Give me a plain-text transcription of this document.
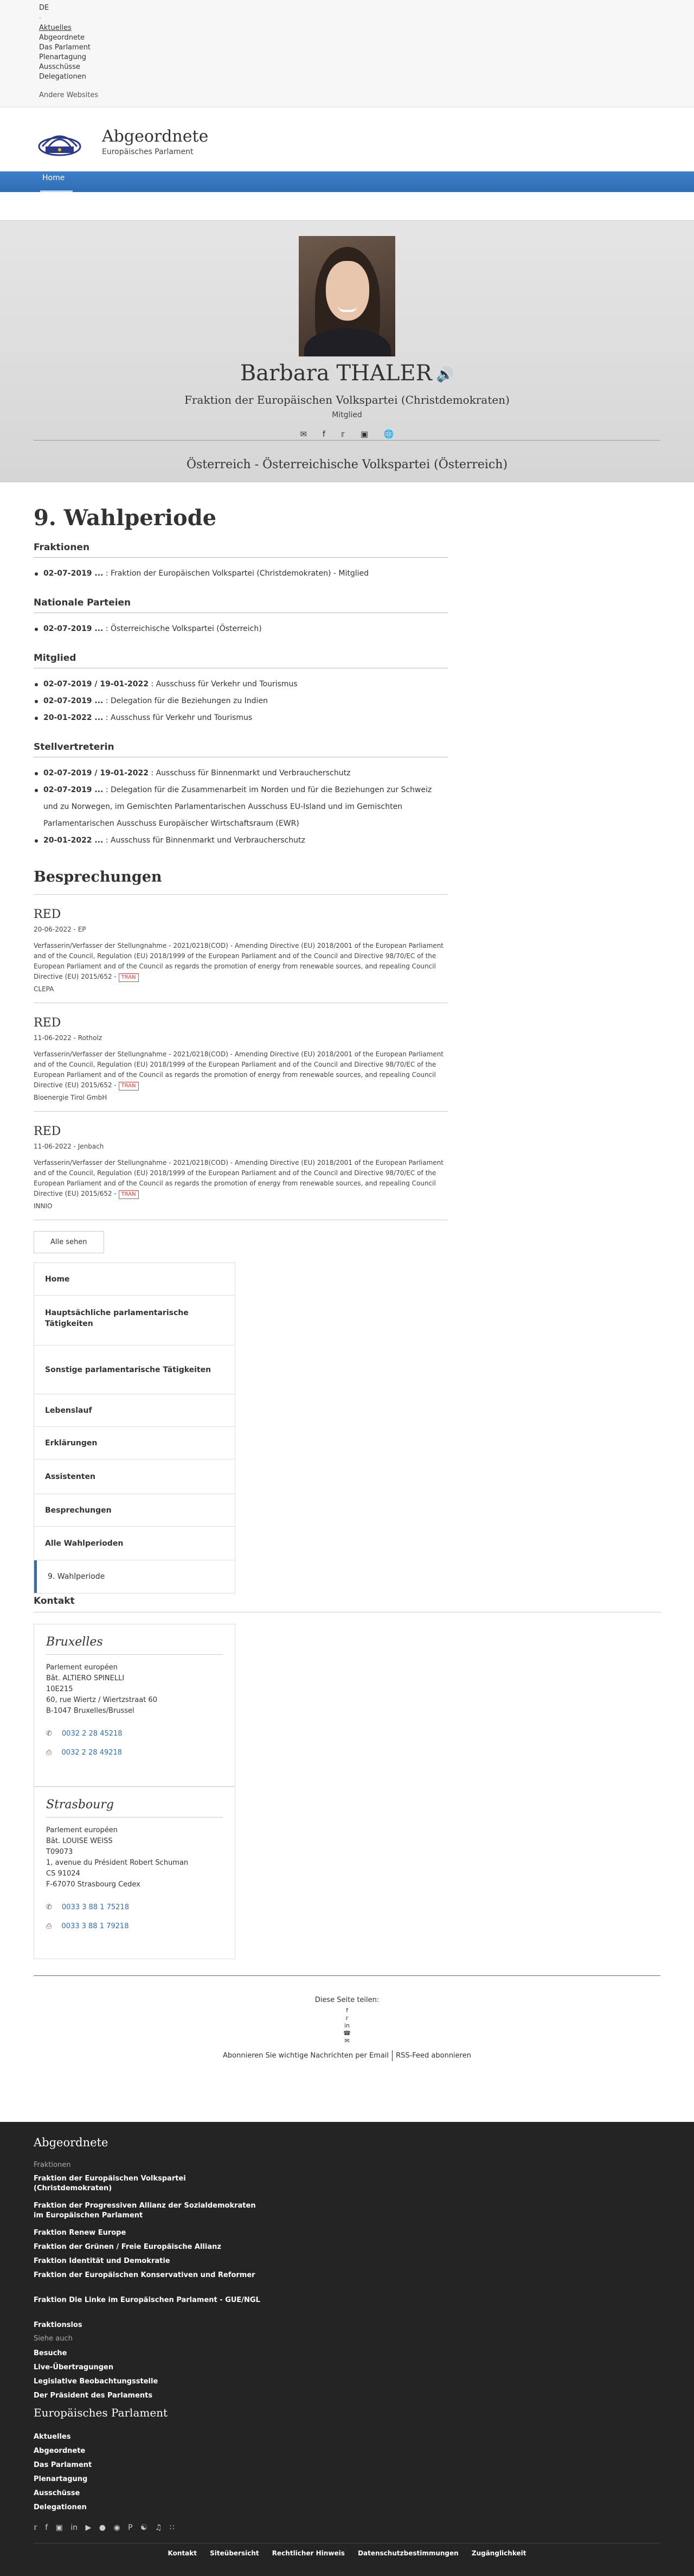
DE
-
Aktuelles
Abgeordnete
Das Parlament
Plenartagung
Ausschüsse
Delegationen
Andere Websites
Abgeordnete
Europäisches Parlament
Home
Barbara THALER 🔊
Fraktion der Europäischen Volkspartei (Christdemokraten)
Mitglied
✉ f 𝕣 ▣ 🌐
Österreich - Österreichische Volkspartei (Österreich)
9. Wahlperiode
Fraktionen
02-07-2019 ... : Fraktion der Europäischen Volkspartei (Christdemokraten) - Mitglied
Nationale Parteien
02-07-2019 ... : Österreichische Volkspartei (Österreich)
Mitglied
02-07-2019 / 19-01-2022 : Ausschuss für Verkehr und Tourismus
02-07-2019 ... : Delegation für die Beziehungen zu Indien
20-01-2022 ... : Ausschuss für Verkehr und Tourismus
Stellvertreterin
02-07-2019 / 19-01-2022 : Ausschuss für Binnenmarkt und Verbraucherschutz
02-07-2019 ... : Delegation für die Zusammenarbeit im Norden und für die Beziehungen zur Schweiz und zu Norwegen, im Gemischten Parlamentarischen Ausschuss EU-Island und im Gemischten Parlamentarischen Ausschuss Europäischer Wirtschaftsraum (EWR)
20-01-2022 ... : Ausschuss für Binnenmarkt und Verbraucherschutz
Besprechungen
RED
20-06-2022 - EP
Verfasserin/Verfasser der Stellungnahme - 2021/0218(COD) - Amending Directive (EU) 2018/2001 of the European Parliament and of the Council, Regulation (EU) 2018/1999 of the European Parliament and of the Council and Directive 98/70/EC of the European Parliament and of the Council as regards the promotion of energy from renewable sources, and repealing Council Directive (EU) 2015/652 - TRAN
CLEPA
RED
11-06-2022 - Rotholz
Verfasserin/Verfasser der Stellungnahme - 2021/0218(COD) - Amending Directive (EU) 2018/2001 of the European Parliament and of the Council, Regulation (EU) 2018/1999 of the European Parliament and of the Council and Directive 98/70/EC of the European Parliament and of the Council as regards the promotion of energy from renewable sources, and repealing Council Directive (EU) 2015/652 - TRAN
Bioenergie Tirol GmbH
RED
11-06-2022 - Jenbach
Verfasserin/Verfasser der Stellungnahme - 2021/0218(COD) - Amending Directive (EU) 2018/2001 of the European Parliament and of the Council, Regulation (EU) 2018/1999 of the European Parliament and of the Council and Directive 98/70/EC of the European Parliament and of the Council as regards the promotion of energy from renewable sources, and repealing Council Directive (EU) 2015/652 - TRAN
INNIO
Alle sehen
Home
Hauptsächliche parlamentarische Tätigkeiten
Sonstige parlamentarische Tätigkeiten
Lebenslauf
Erklärungen
Assistenten
Besprechungen
Alle Wahlperioden
9. Wahlperiode
Kontakt
Bruxelles
Parlement européen
Bât. ALTIERO SPINELLI
10E215
60, rue Wiertz / Wiertzstraat 60
B-1047 Bruxelles/Brussel
✆ 0032 2 28 45218
⎙ 0032 2 28 49218
Strasbourg
Parlement européen
Bât. LOUISE WEISS
T09073
1, avenue du Président Robert Schuman
CS 91024
F-67070 Strasbourg Cedex
✆ 0033 3 88 1 75218
⎙ 0033 3 88 1 79218
Diese Seite teilen:
f
𝕣
in
☎
✉
Abonnieren Sie wichtige Nachrichten per Email RSS-Feed abonnieren
Abgeordnete
Fraktionen
Fraktion der Europäischen Volkspartei (Christdemokraten)
Fraktion der Progressiven Allianz der Sozialdemokraten im Europäischen Parlament
Fraktion Renew Europe
Fraktion der Grünen / Freie Europäische Allianz
Fraktion Identität und Demokratie
Fraktion der Europäischen Konservativen und Reformer
Fraktion Die Linke im Europäischen Parlament - GUE/NGL
Fraktionslos
Siehe auch
Besuche
Live-Übertragungen
Legislative Beobachtungsstelle
Der Präsident des Parlaments
Europäisches Parlament
Aktuelles
Abgeordnete
Das Parlament
Plenartagung
Ausschüsse
Delegationen
𝕣 f ▣ in ▶ ● ◉ P ☯ ♫ ∷
Kontakt Siteübersicht Rechtlicher Hinweis Datenschutzbestimmungen Zugänglichkeit
